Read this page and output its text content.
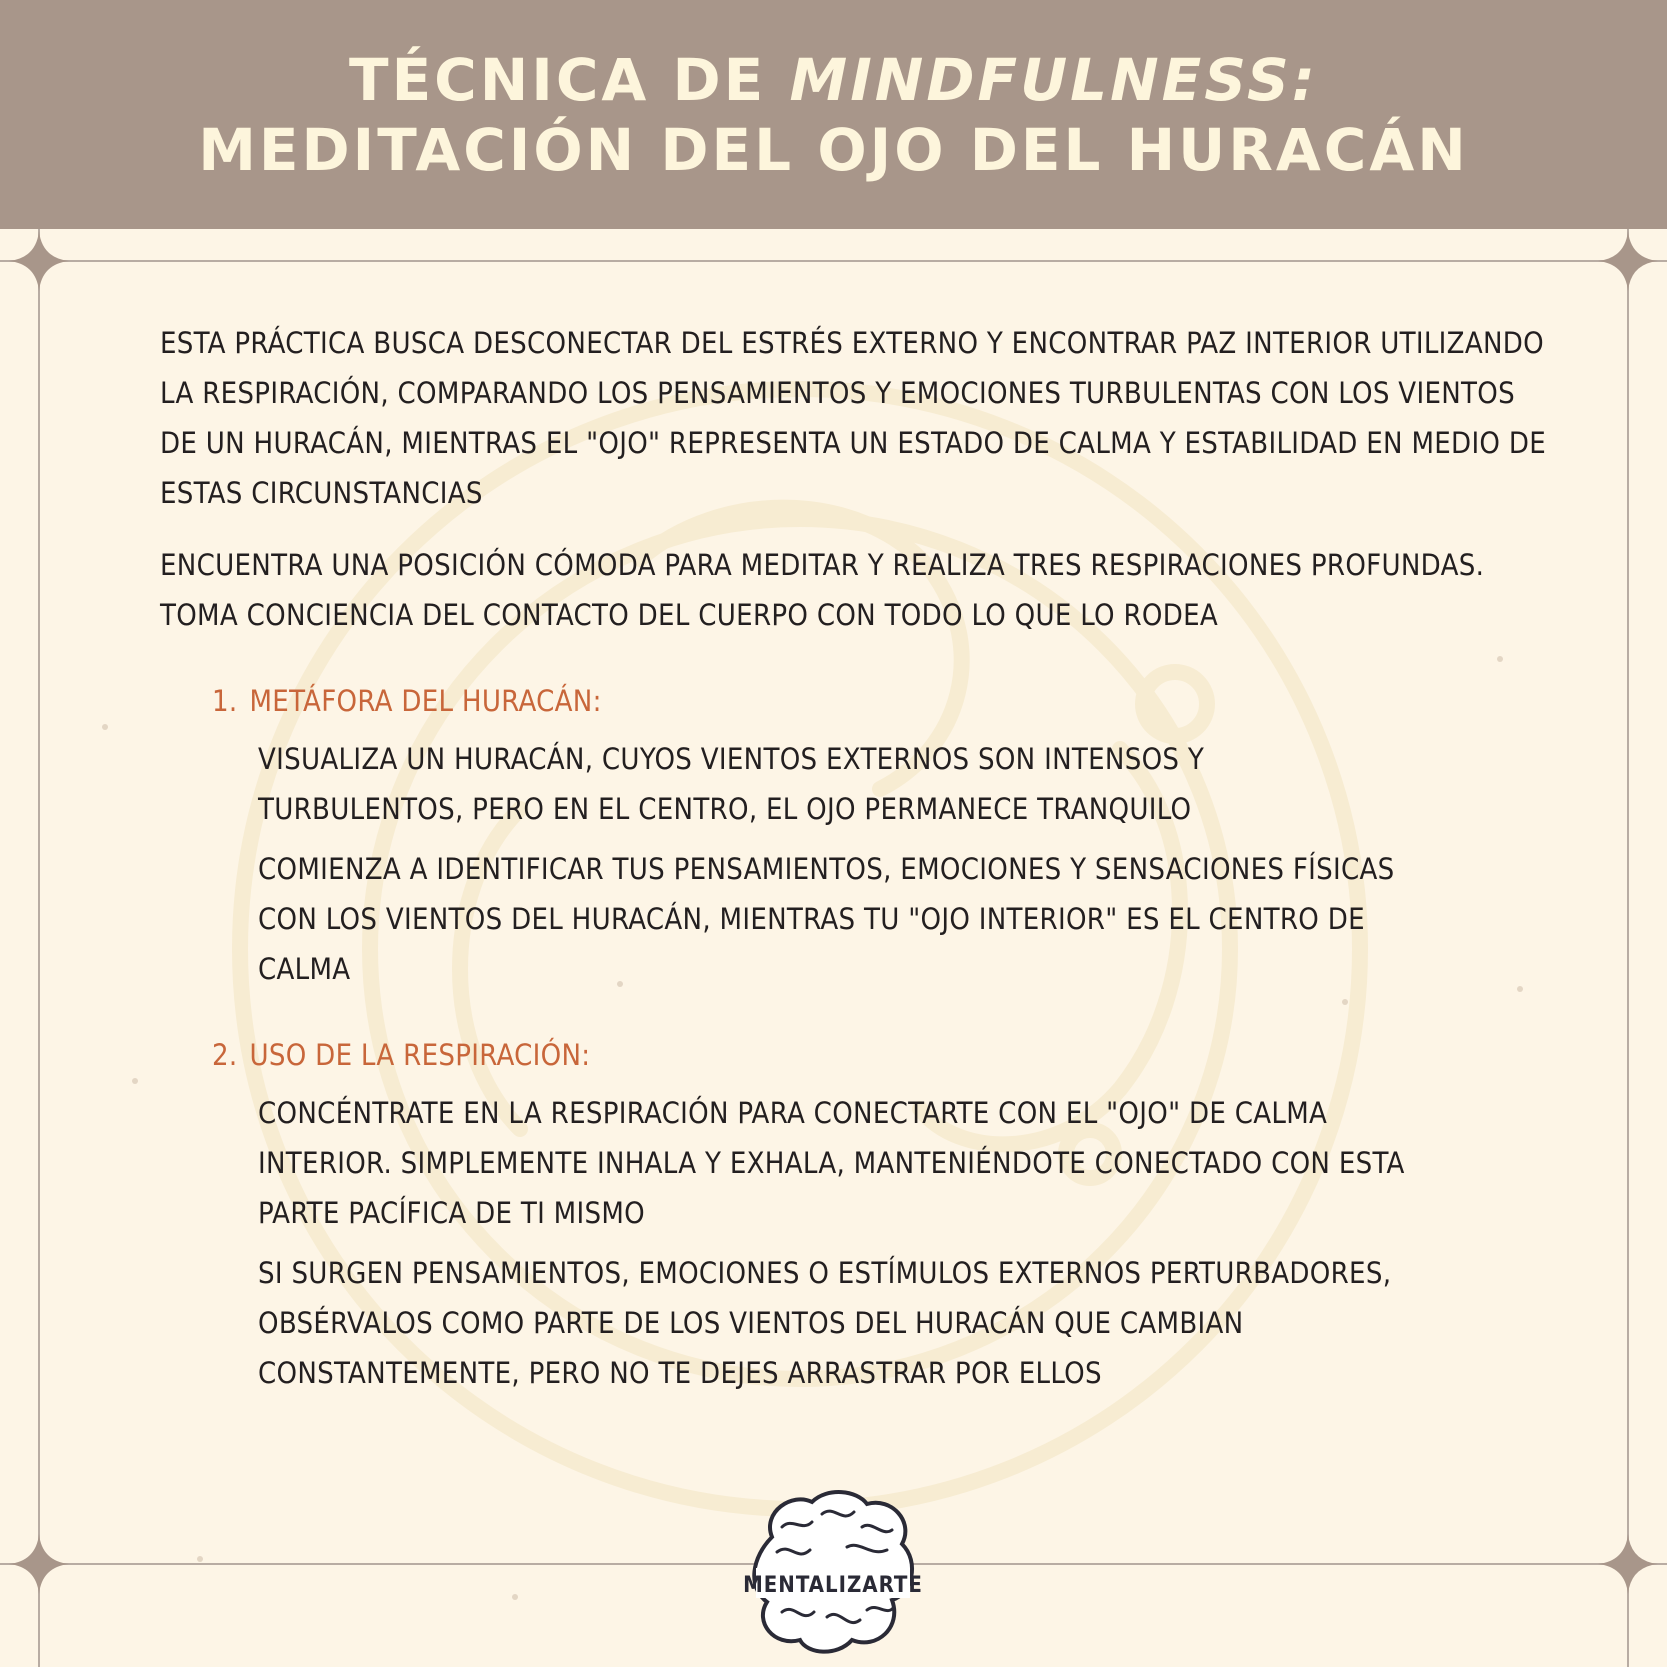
TÉCNICA DE MINDFULNESS:
MEDITACIÓN DEL OJO DEL HURACÁN

ESTA PRÁCTICA BUSCA DESCONECTAR DEL ESTRÉS EXTERNO Y ENCONTRAR PAZ INTERIOR UTILIZANDO LA RESPIRACIÓN, COMPARANDO LOS PENSAMIENTOS Y EMOCIONES TURBULENTAS CON LOS VIENTOS DE UN HURACÁN, MIENTRAS EL "OJO" REPRESENTA UN ESTADO DE CALMA Y ESTABILIDAD EN MEDIO DE ESTAS CIRCUNSTANCIAS

ENCUENTRA UNA POSICIÓN CÓMODA PARA MEDITAR Y REALIZA TRES RESPIRACIONES PROFUNDAS. TOMA CONCIENCIA DEL CONTACTO DEL CUERPO CON TODO LO QUE LO RODEA

1. METÁFORA DEL HURACÁN:

VISUALIZA UN HURACÁN, CUYOS VIENTOS EXTERNOS SON INTENSOS Y TURBULENTOS, PERO EN EL CENTRO, EL OJO PERMANECE TRANQUILO

COMIENZA A IDENTIFICAR TUS PENSAMIENTOS, EMOCIONES Y SENSACIONES FÍSICAS CON LOS VIENTOS DEL HURACÁN, MIENTRAS TU "OJO INTERIOR" ES EL CENTRO DE CALMA

2. USO DE LA RESPIRACIÓN:

CONCÉNTRATE EN LA RESPIRACIÓN PARA CONECTARTE CON EL "OJO" DE CALMA INTERIOR. SIMPLEMENTE INHALA Y EXHALA, MANTENIÉNDOTE CONECTADO CON ESTA PARTE PACÍFICA DE TI MISMO

SI SURGEN PENSAMIENTOS, EMOCIONES O ESTÍMULOS EXTERNOS PERTURBADORES, OBSÉRVALOS COMO PARTE DE LOS VIENTOS DEL HURACÁN QUE CAMBIAN CONSTANTEMENTE, PERO NO TE DEJES ARRASTRAR POR ELLOS

MENTALIZARTE
